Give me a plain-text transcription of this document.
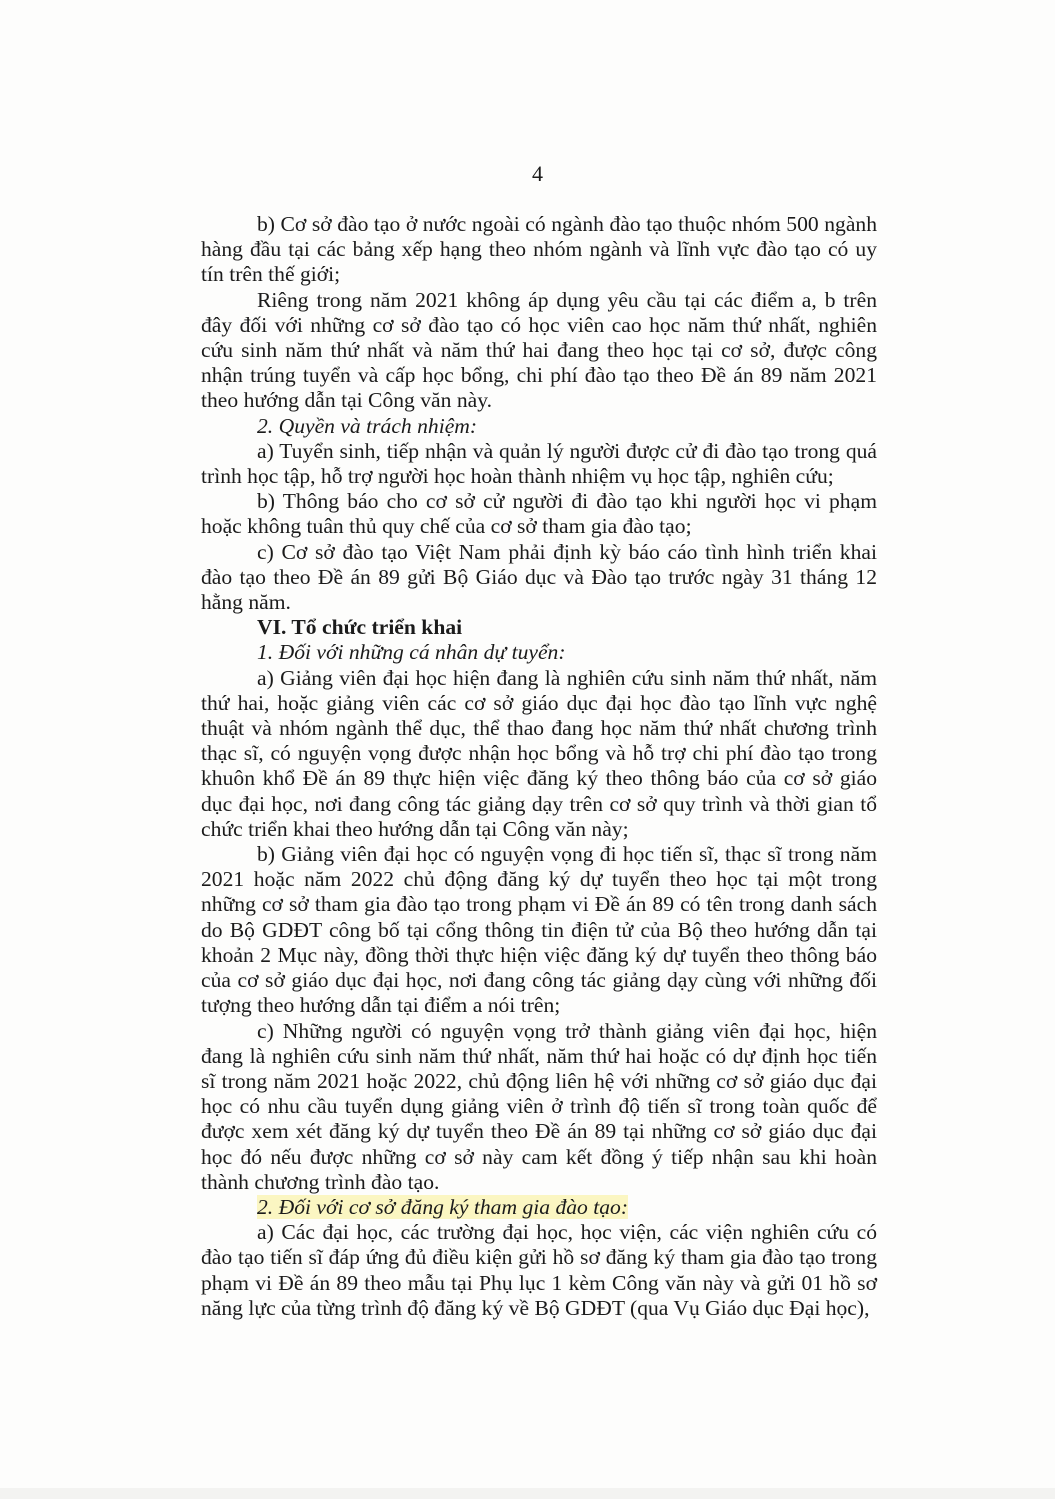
4

b) Cơ sở đào tạo ở nước ngoài có ngành đào tạo thuộc nhóm 500 ngành hàng đầu tại các bảng xếp hạng theo nhóm ngành và lĩnh vực đào tạo có uy tín trên thế giới;

Riêng trong năm 2021 không áp dụng yêu cầu tại các điểm a, b trên đây đối với những cơ sở đào tạo có học viên cao học năm thứ nhất, nghiên cứu sinh năm thứ nhất và năm thứ hai đang theo học tại cơ sở, được công nhận trúng tuyển và cấp học bổng, chi phí đào tạo theo Đề án 89 năm 2021 theo hướng dẫn tại Công văn này.

2. Quyền và trách nhiệm:

a) Tuyển sinh, tiếp nhận và quản lý người được cử đi đào tạo trong quá trình học tập, hỗ trợ người học hoàn thành nhiệm vụ học tập, nghiên cứu;

b) Thông báo cho cơ sở cử người đi đào tạo khi người học vi phạm hoặc không tuân thủ quy chế của cơ sở tham gia đào tạo;

c) Cơ sở đào tạo Việt Nam phải định kỳ báo cáo tình hình triển khai đào tạo theo Đề án 89 gửi Bộ Giáo dục và Đào tạo trước ngày 31 tháng 12 hằng năm.

VI. Tổ chức triển khai

1. Đối với những cá nhân dự tuyển:

a) Giảng viên đại học hiện đang là nghiên cứu sinh năm thứ nhất, năm thứ hai, hoặc giảng viên các cơ sở giáo dục đại học đào tạo lĩnh vực nghệ thuật và nhóm ngành thể dục, thể thao đang học năm thứ nhất chương trình thạc sĩ, có nguyện vọng được nhận học bổng và hỗ trợ chi phí đào tạo trong khuôn khổ Đề án 89 thực hiện việc đăng ký theo thông báo của cơ sở giáo dục đại học, nơi đang công tác giảng dạy trên cơ sở quy trình và thời gian tổ chức triển khai theo hướng dẫn tại Công văn này;

b) Giảng viên đại học có nguyện vọng đi học tiến sĩ, thạc sĩ trong năm 2021 hoặc năm 2022 chủ động đăng ký dự tuyển theo học tại một trong những cơ sở tham gia đào tạo trong phạm vi Đề án 89 có tên trong danh sách do Bộ GDĐT công bố tại cổng thông tin điện tử của Bộ theo hướng dẫn tại khoản 2 Mục này, đồng thời thực hiện việc đăng ký dự tuyển theo thông báo của cơ sở giáo dục đại học, nơi đang công tác giảng dạy cùng với những đối tượng theo hướng dẫn tại điểm a nói trên;

c) Những người có nguyện vọng trở thành giảng viên đại học, hiện đang là nghiên cứu sinh năm thứ nhất, năm thứ hai hoặc có dự định học tiến sĩ trong năm 2021 hoặc 2022, chủ động liên hệ với những cơ sở giáo dục đại học có nhu cầu tuyển dụng giảng viên ở trình độ tiến sĩ trong toàn quốc để được xem xét đăng ký dự tuyển theo Đề án 89 tại những cơ sở giáo dục đại học đó nếu được những cơ sở này cam kết đồng ý tiếp nhận sau khi hoàn thành chương trình đào tạo.

2. Đối với cơ sở đăng ký tham gia đào tạo:

a) Các đại học, các trường đại học, học viện, các viện nghiên cứu có đào tạo tiến sĩ đáp ứng đủ điều kiện gửi hồ sơ đăng ký tham gia đào tạo trong phạm vi Đề án 89 theo mẫu tại Phụ lục 1 kèm Công văn này và gửi 01 hồ sơ năng lực của từng trình độ đăng ký về Bộ GDĐT (qua Vụ Giáo dục Đại học),
